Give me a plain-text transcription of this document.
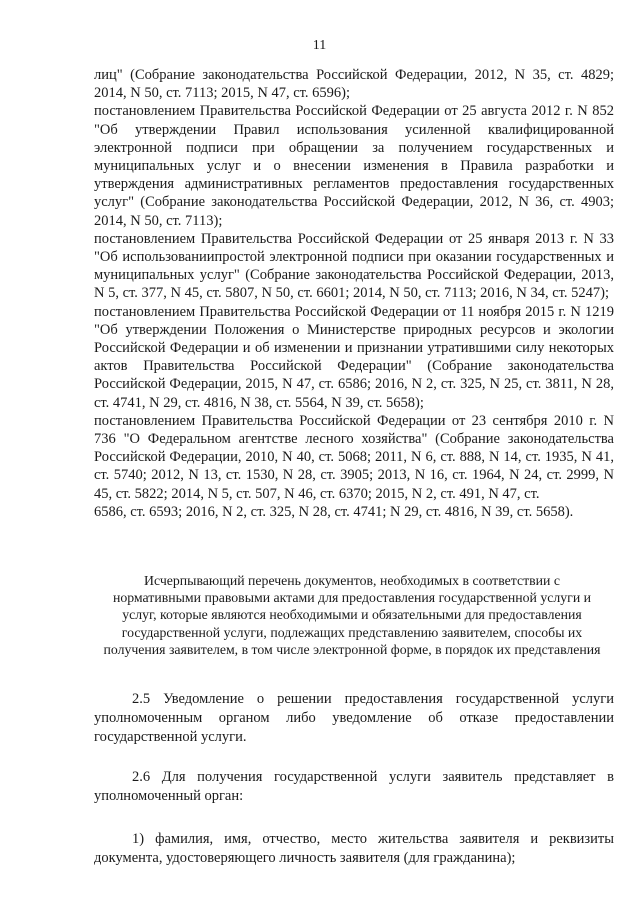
11

лиц" (Собрание законодательства Российской Федерации, 2012, N 35, ст. 4829; 2014, N 50, ст. 7113; 2015, N 47, ст. 6596);

постановлением Правительства Российской Федерации от 25 августа 2012 г. N 852 "Об утверждении Правил использования усиленной квалифицированной электронной подписи при обращении за получением государственных и муниципальных услуг и о внесении изменения в Правила разработки и утверждения административных регламентов предоставления государственных услуг" (Собрание законодательства Российской Федерации, 2012, N 36, ст. 4903; 2014, N 50, ст. 7113);

постановлением Правительства Российской Федерации от 25 января 2013 г. N 33 "Об использованиипростой электронной подписи при оказании государственных и муниципальных услуг" (Собрание законодательства Российской Федерации, 2013, N 5, ст. 377, N 45, ст. 5807, N 50, ст. 6601; 2014, N 50, ст. 7113; 2016, N 34, ст. 5247);

постановлением Правительства Российской Федерации от 11 ноября 2015 г. N 1219 "Об утверждении Положения о Министерстве природных ресурсов и экологии Российской Федерации и об изменении и признании утратившими силу некоторых актов Правительства Российской Федерации" (Собрание законодательства Российской Федерации, 2015, N 47, ст. 6586; 2016, N 2, ст. 325, N 25, ст. 3811, N 28, ст. 4741, N 29, ст. 4816, N 38, ст. 5564, N 39, ст. 5658);

постановлением Правительства Российской Федерации от 23 сентября 2010 г. N 736 "О Федеральном агентстве лесного хозяйства" (Собрание законодательства Российской Федерации, 2010, N 40, ст. 5068; 2011, N 6, ст. 888, N 14, ст. 1935, N 41, ст. 5740; 2012, N 13, ст. 1530, N 28, ст. 3905; 2013, N 16, ст. 1964, N 24, ст. 2999, N 45, ст. 5822; 2014, N 5, ст. 507, N 46, ст. 6370; 2015, N 2, ст. 491, N 47, ст.

6586, ст. 6593; 2016, N 2, ст. 325, N 28, ст. 4741; N 29, ст. 4816, N 39, ст. 5658).

Исчерпывающий перечень документов, необходимых в соответствии с нормативными правовыми актами для предоставления государственной услуги и услуг, которые являются необходимыми и обязательными для предоставления государственной услуги, подлежащих представлению заявителем, способы их получения заявителем, в том числе электронной форме, в порядок их представления

2.5 Уведомление о решении предоставления государственной услуги уполномоченным органом либо уведомление об отказе предоставлении государственной услуги.

2.6 Для получения государственной услуги заявитель представляет в уполномоченный орган:

1) фамилия, имя, отчество, место жительства заявителя и реквизиты документа, удостоверяющего личность заявителя (для гражданина);
